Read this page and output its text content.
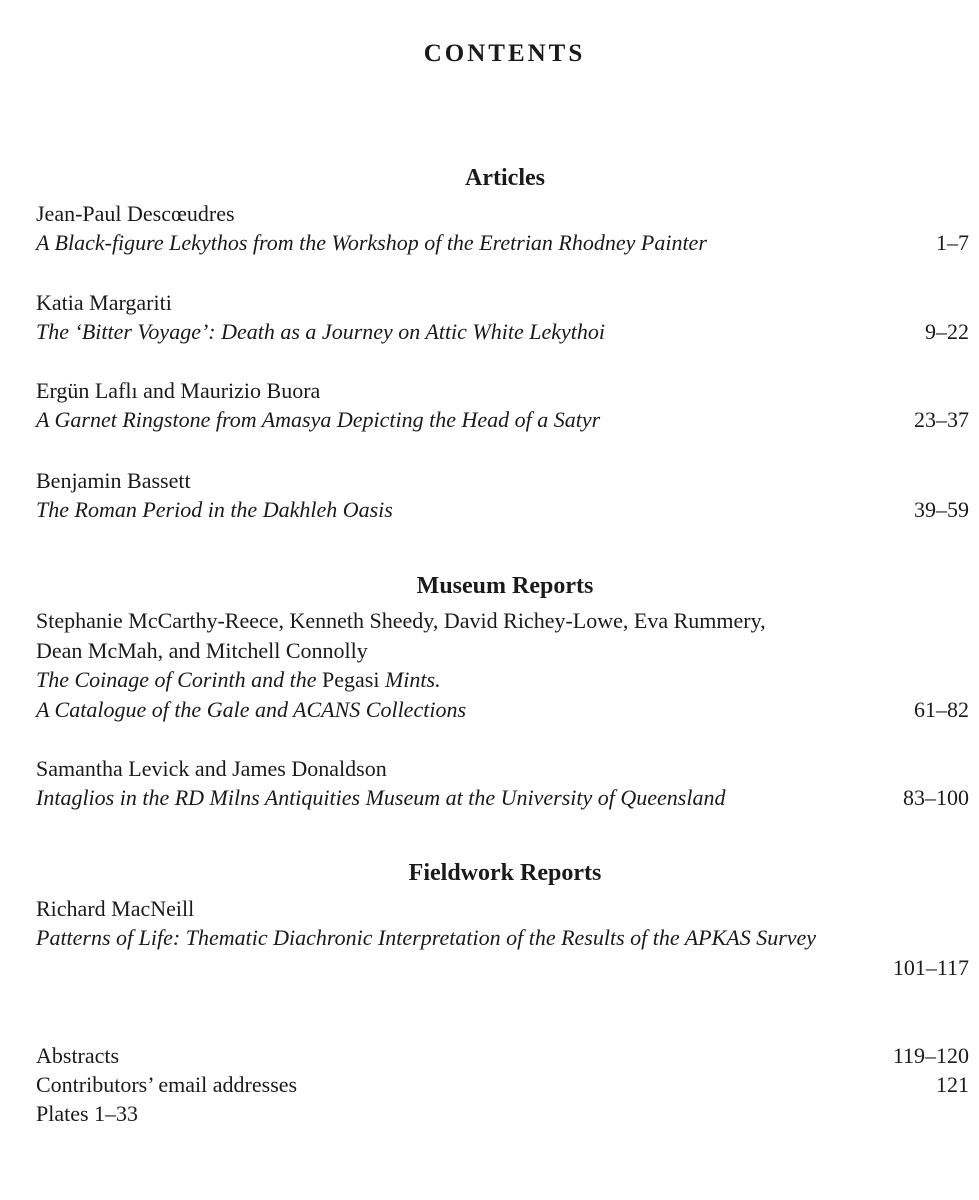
CONTENTS
Articles
Jean-Paul Descœudres
A Black-figure Lekythos from the Workshop of the Eretrian Rhodney Painter	1–7
Katia Margariti
The ‘Bitter Voyage’: Death as a Journey on Attic White Lekythoi	9–22
Ergün Laflı and Maurizio Buora
A Garnet Ringstone from Amasya Depicting the Head of a Satyr	23–37
Benjamin Bassett
The Roman Period in the Dakhleh Oasis	39–59
Museum Reports
Stephanie McCarthy-Reece, Kenneth Sheedy, David Richey-Lowe, Eva Rummery,
Dean McMah, and Mitchell Connolly
The Coinage of Corinth and the Pegasi Mints.
A Catalogue of the Gale and ACANS Collections	61–82
Samantha Levick and James Donaldson
Intaglios in the RD Milns Antiquities Museum at the University of Queensland	83–100
Fieldwork Reports
Richard MacNeill
Patterns of Life: Thematic Diachronic Interpretation of the Results of the APKAS Survey
101–117
Abstracts	119–120
Contributors’ email addresses	121
Plates 1–33
